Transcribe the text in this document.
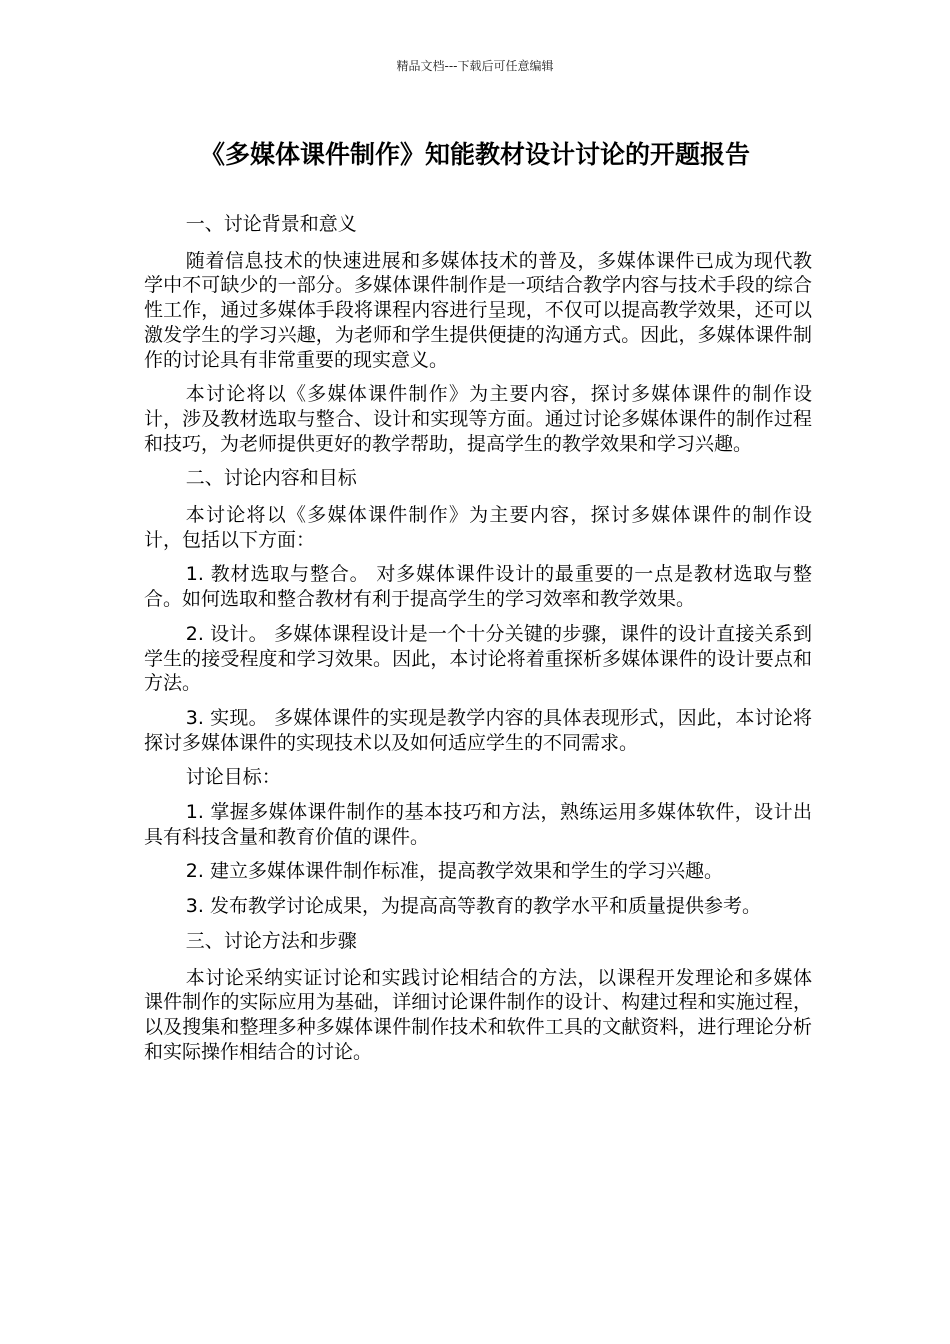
精品文档---下载后可任意编辑
《多媒体课件制作》知能教材设计讨论的开题报告

一、讨论背景和意义

随着信息技术的快速进展和多媒体技术的普及，多媒体课件已成为现代教学中不可缺少的一部分。多媒体课件制作是一项结合教学内容与技术手段的综合性工作，通过多媒体手段将课程内容进行呈现，不仅可以提高教学效果，还可以激发学生的学习兴趣，为老师和学生提供便捷的沟通方式。因此，多媒体课件制作的讨论具有非常重要的现实意义。

本讨论将以《多媒体课件制作》为主要内容，探讨多媒体课件的制作设计，涉及教材选取与整合、设计和实现等方面。通过讨论多媒体课件的制作过程和技巧，为老师提供更好的教学帮助，提高学生的教学效果和学习兴趣。

二、讨论内容和目标

本讨论将以《多媒体课件制作》为主要内容，探讨多媒体课件的制作设计，包括以下方面：

1. 教材选取与整合。 对多媒体课件设计的最重要的一点是教材选取与整合。如何选取和整合教材有利于提高学生的学习效率和教学效果。

2. 设计。 多媒体课程设计是一个十分关键的步骤，课件的设计直接关系到学生的接受程度和学习效果。因此，本讨论将着重探析多媒体课件的设计要点和方法。

3. 实现。 多媒体课件的实现是教学内容的具体表现形式，因此，本讨论将探讨多媒体课件的实现技术以及如何适应学生的不同需求。

讨论目标：

1. 掌握多媒体课件制作的基本技巧和方法，熟练运用多媒体软件，设计出具有科技含量和教育价值的课件。

2. 建立多媒体课件制作标准，提高教学效果和学生的学习兴趣。

3. 发布教学讨论成果，为提高高等教育的教学水平和质量提供参考。

三、讨论方法和步骤

本讨论采纳实证讨论和实践讨论相结合的方法，以课程开发理论和多媒体课件制作的实际应用为基础，详细讨论课件制作的设计、构建过程和实施过程，以及搜集和整理多种多媒体课件制作技术和软件工具的文献资料，进行理论分析和实际操作相结合的讨论。
